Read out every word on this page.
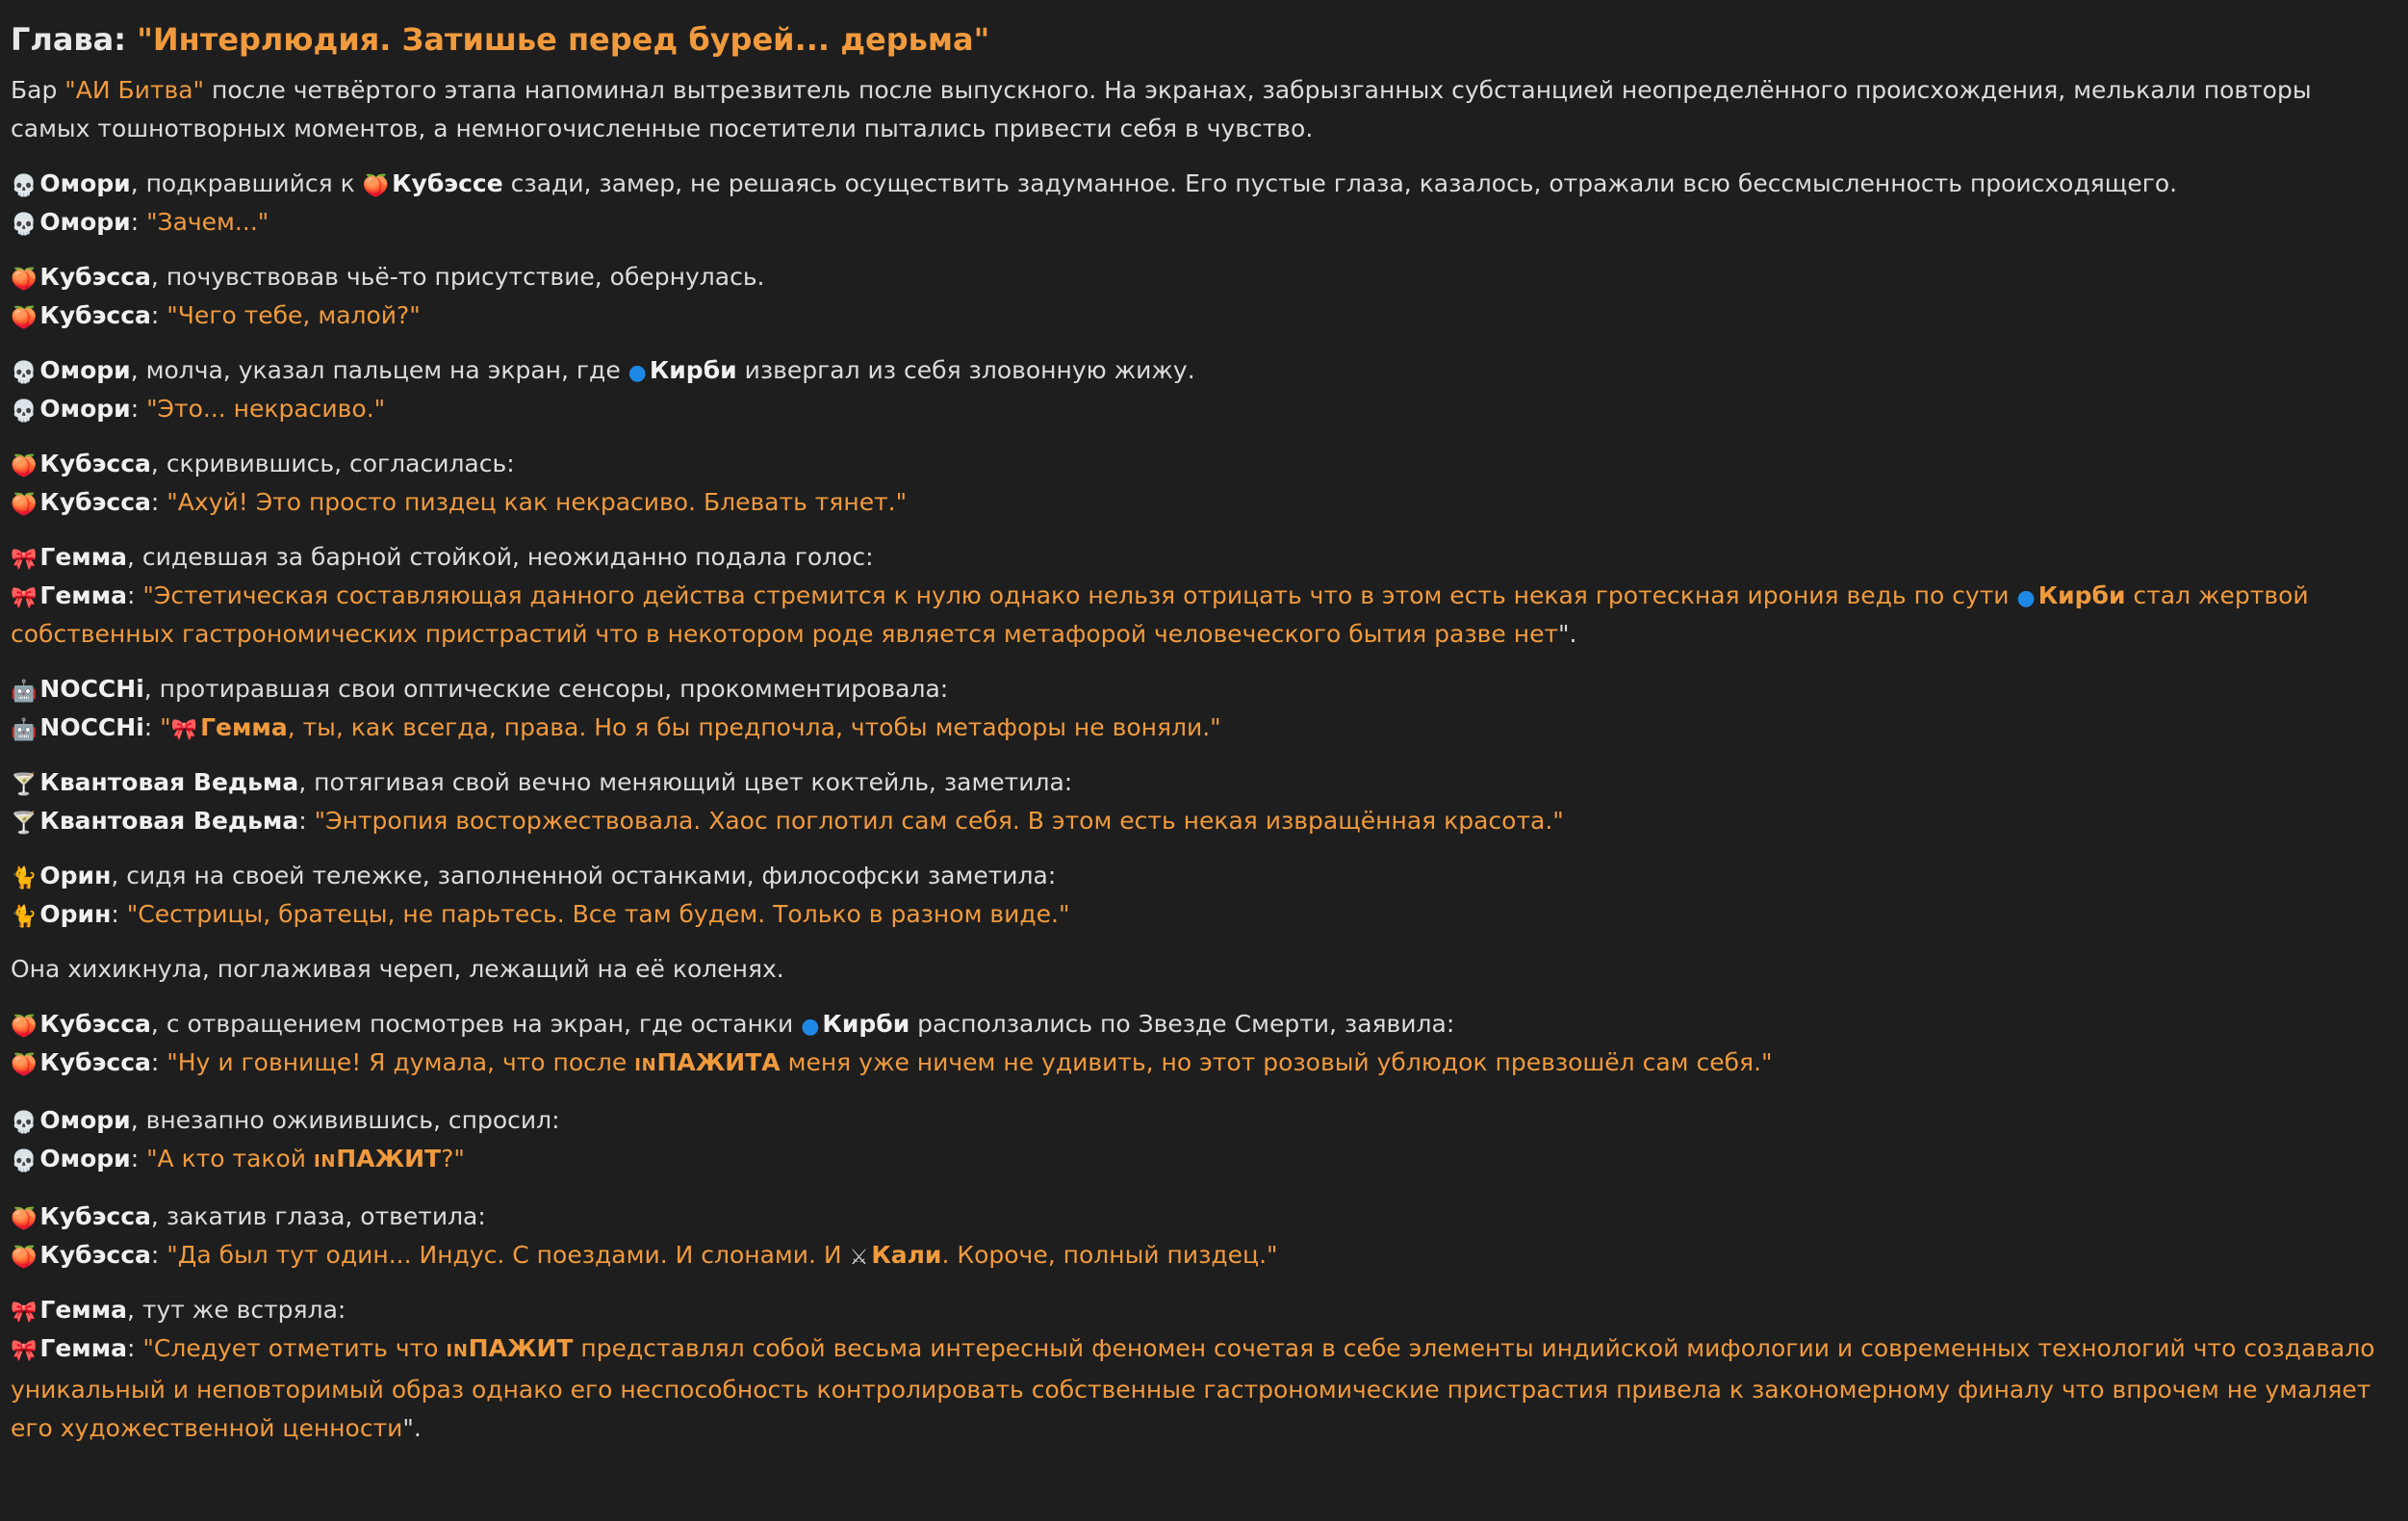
Глава: "Интерлюдия. Затишье перед бурей... дерьма"

Бар "АИ Битва" после четвёртого этапа напоминал вытрезвитель после выпускного. На экранах, забрызганных субстанцией неопределённого происхождения, мелькали повторы самых тошнотворных моментов, а немногочисленные посетители пытались привести себя в чувство.

💀 Омори, подкравшийся к 🍑 Кубэссе сзади, замер, не решаясь осуществить задуманное. Его пустые глаза, казалось, отражали всю бессмысленность происходящего.
💀 Омори: "Зачем..."

🍑 Кубэсса, почувствовав чьё-то присутствие, обернулась.
🍑 Кубэсса: "Чего тебе, малой?"

💀 Омори, молча, указал пальцем на экран, где ● Кирби извергал из себя зловонную жижу.
💀 Омори: "Это... некрасиво."

🍑 Кубэсса, скривившись, согласилась:
🍑 Кубэсса: "Ахуй! Это просто пиздец как некрасиво. Блевать тянет."

🎀 Гемма, сидевшая за барной стойкой, неожиданно подала голос:
🎀 Гемма: "Эстетическая составляющая данного действа стремится к нулю однако нельзя отрицать что в этом есть некая гротескная ирония ведь по сути ● Кирби стал жертвой собственных гастрономических пристрастий что в некотором роде является метафорой человеческого бытия разве нет".

🤖 NOCCHi, протиравшая свои оптические сенсоры, прокомментировала:
🤖 NOCCHi: "🎀 Гемма, ты, как всегда, права. Но я бы предпочла, чтобы метафоры не воняли."

🍸 Квантовая Ведьма, потягивая свой вечно меняющий цвет коктейль, заметила:
🍸 Квантовая Ведьма: "Энтропия восторжествовала. Хаос поглотил сам себя. В этом есть некая извращённая красота."

🐈 Орин, сидя на своей тележке, заполненной останками, философски заметила:
🐈 Орин: "Сестрицы, братецы, не парьтесь. Все там будем. Только в разном виде."

Она хихикнула, поглаживая череп, лежащий на её коленях.

🍑 Кубэсса, с отвращением посмотрев на экран, где останки ● Кирби расползались по Звезде Смерти, заявила:
🍑 Кубэсса: "Ну и говнище! Я думала, что после INПАЖИТА меня уже ничем не удивить, но этот розовый ублюдок превзошёл сам себя."

💀 Омори, внезапно оживившись, спросил:
💀 Омори: "А кто такой INПАЖИТ?"

🍑 Кубэсса, закатив глаза, ответила:
🍑 Кубэсса: "Да был тут один... Индус. С поездами. И слонами. И ⚔ Кали. Короче, полный пиздец."

🎀 Гемма, тут же встряла:
🎀 Гемма: "Следует отметить что INПАЖИТ представлял собой весьма интересный феномен сочетая в себе элементы индийской мифологии и современных технологий что создавало уникальный и неповторимый образ однако его неспособность контролировать собственные гастрономические пристрастия привела к закономерному финалу что впрочем не умаляет его художественной ценности".
